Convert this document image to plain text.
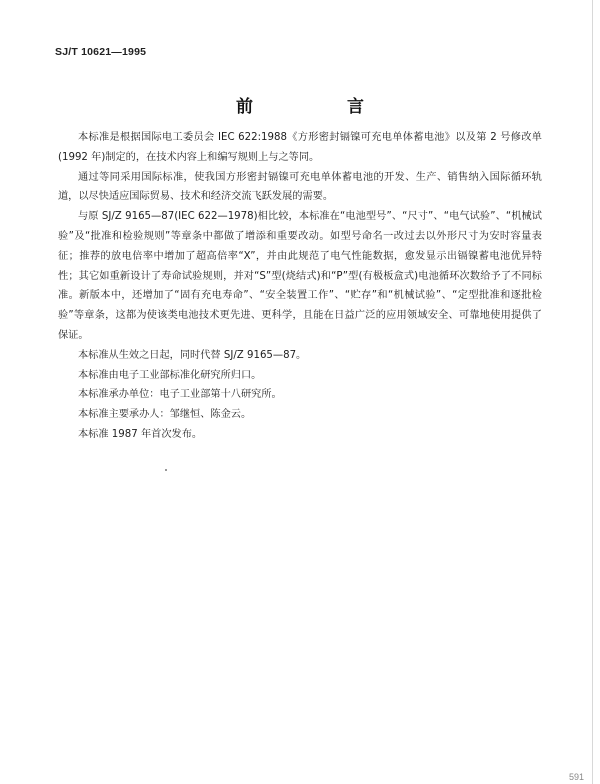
SJ/T 10621—1995
前 言

本标准是根据国际电工委员会 IEC 622:1988《方形密封镉镍可充电单体蓄电池》以及第 2 号修改单(1992 年)制定的，在技术内容上和编写规则上与之等同。

通过等同采用国际标准，使我国方形密封镉镍可充电单体蓄电池的开发、生产、销售纳入国际循环轨道，以尽快适应国际贸易、技术和经济交流飞跃发展的需要。

与原 SJ/Z 9165—87(IEC 622—1978)相比较，本标准在“电池型号”、“尺寸”、“电气试验”、“机械试验”及“批准和检验规则”等章条中都做了增添和重要改动。如型号命名一改过去以外形尺寸为安时容量表征；推荐的放电倍率中增加了超高倍率“X”，并由此规范了电气性能数据，愈发显示出镉镍蓄电池优异特性；其它如重新设计了寿命试验规则，并对“S”型(烧结式)和“P”型(有极板盒式)电池循环次数给予了不同标准。新版本中，还增加了“固有充电寿命”、“安全装置工作”、“贮存”和“机械试验”、“定型批准和逐批检验”等章条，这都为使该类电池技术更先进、更科学，且能在日益广泛的应用领域安全、可靠地使用提供了保证。

本标准从生效之日起，同时代替 SJ/Z 9165—87。

本标准由电子工业部标准化研究所归口。

本标准承办单位：电子工业部第十八研究所。

本标准主要承办人：邹继恒、陈金云。

本标准 1987 年首次发布。

591
